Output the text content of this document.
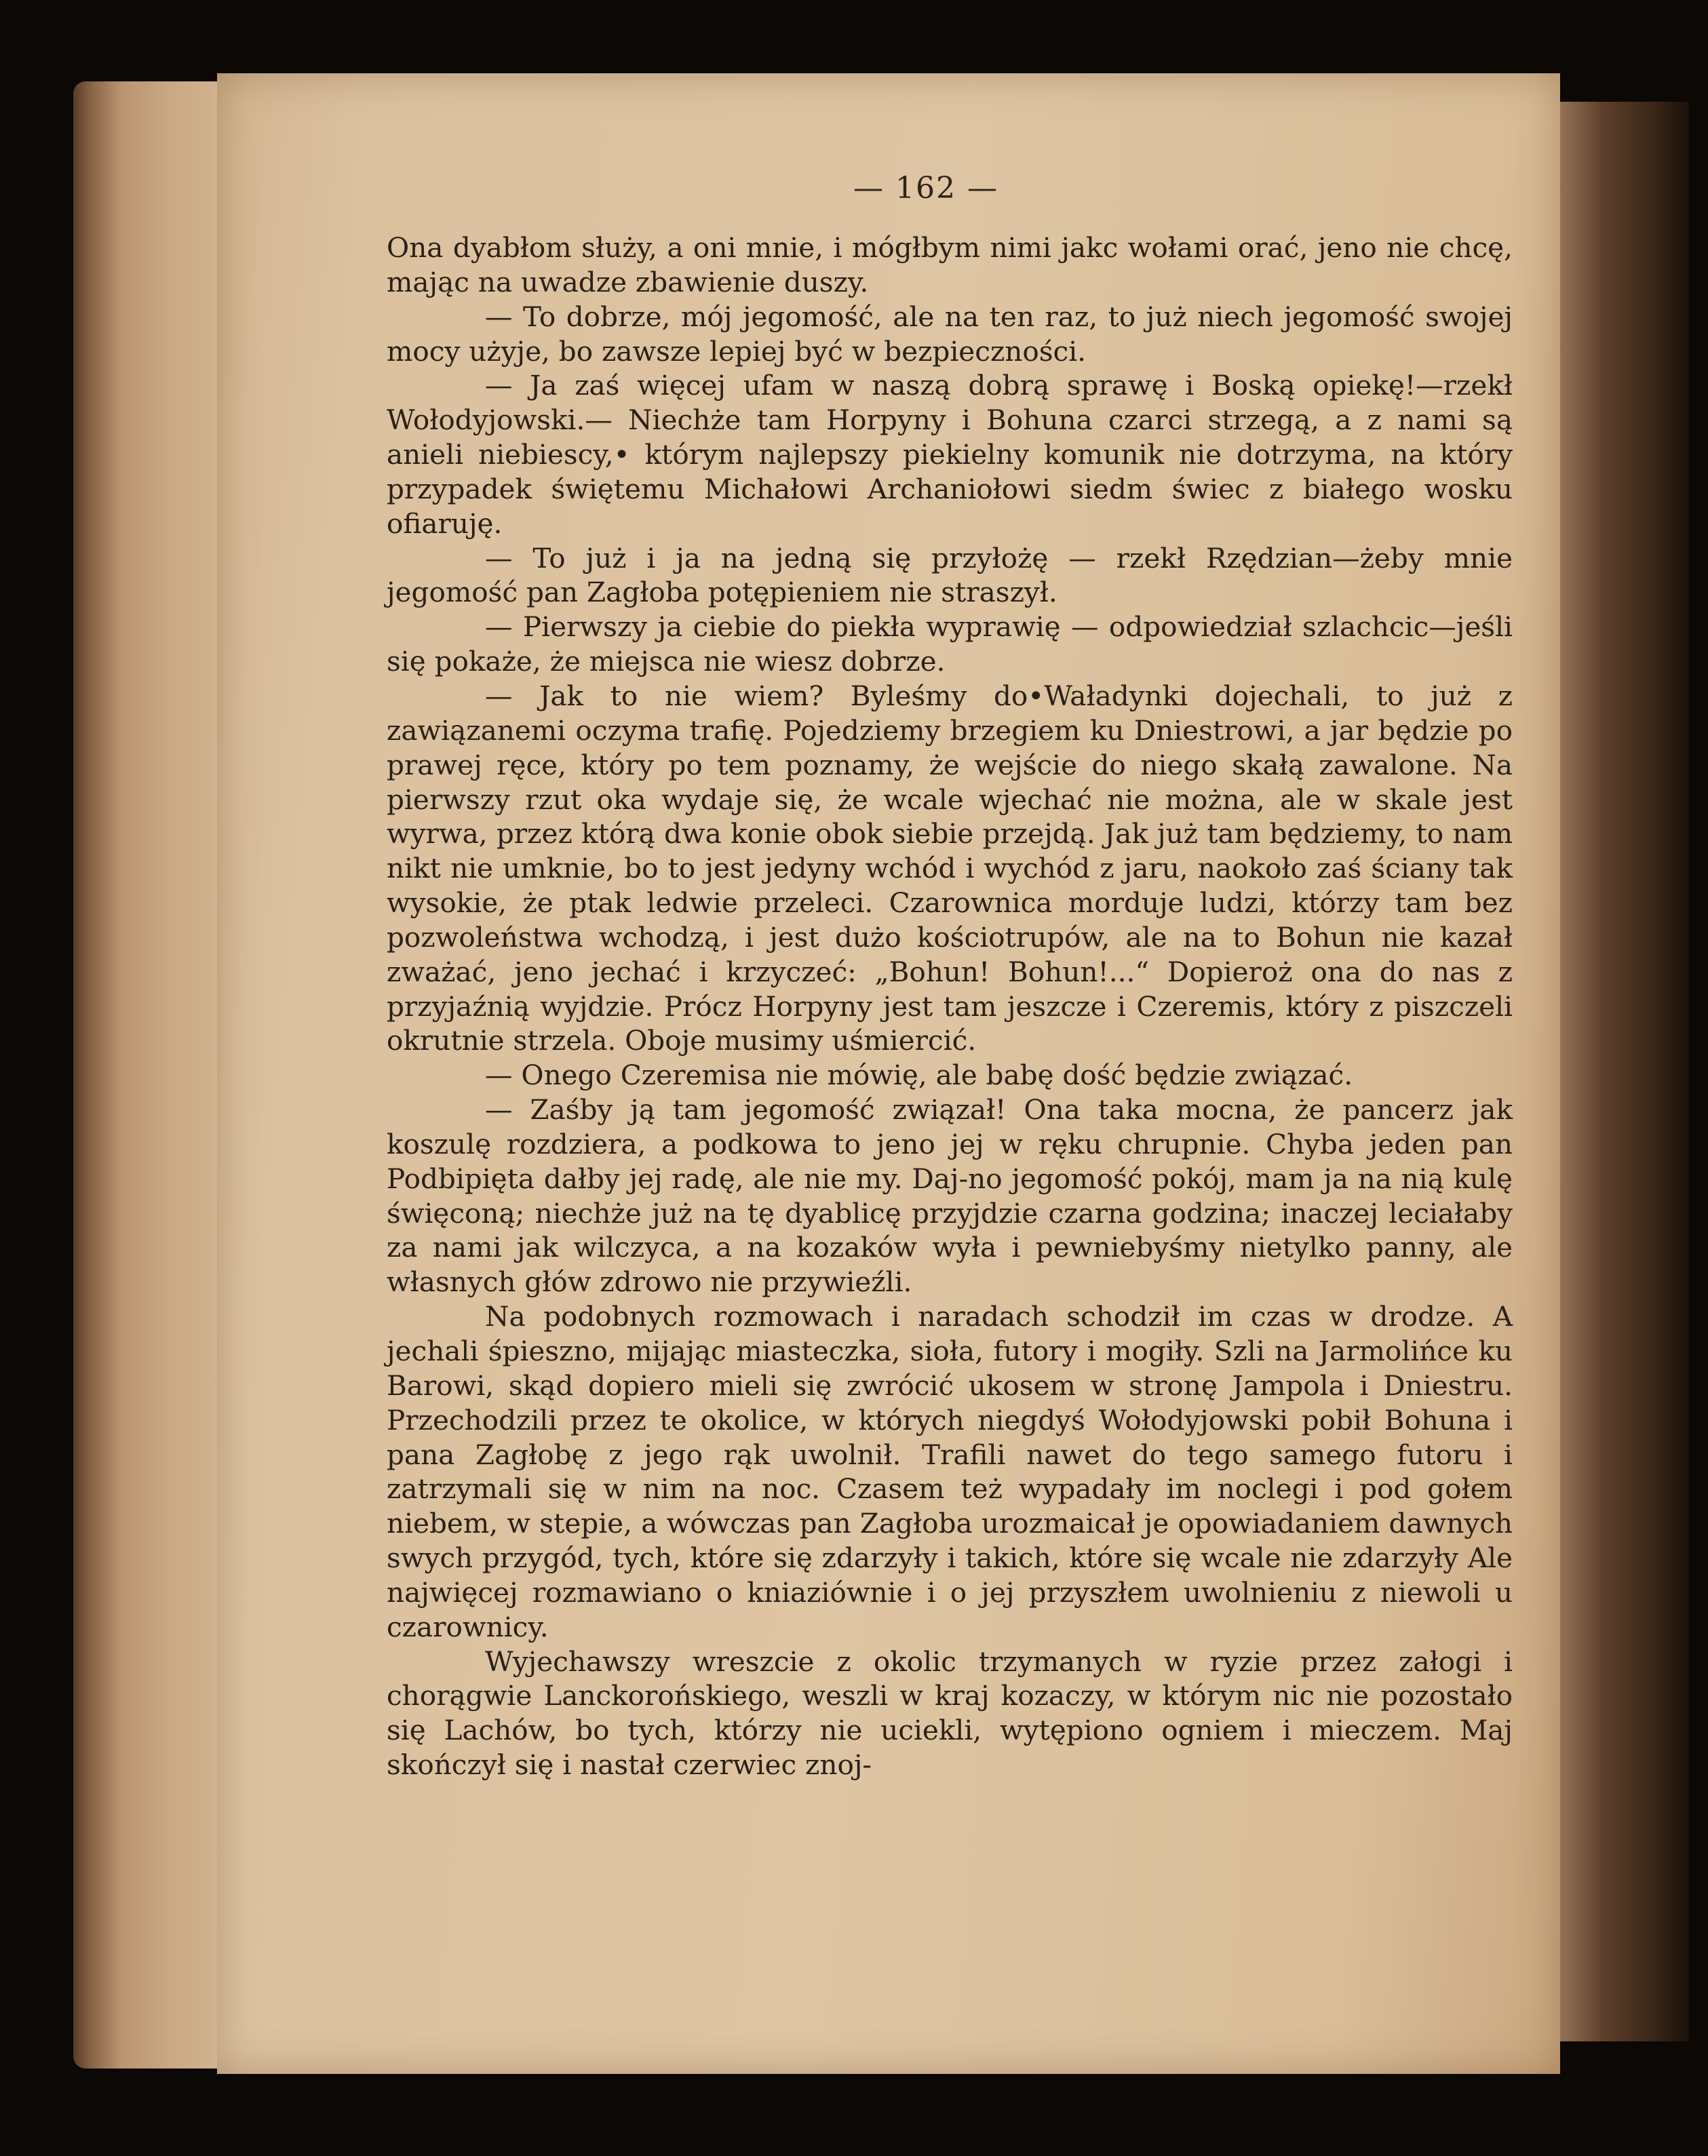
— 162 —

Ona dyabłom służy, a oni mnie, i mógłbym nimi jakc wołami orać, jeno nie chcę, mając na uwadze zbawienie duszy.

— To dobrze, mój jegomość, ale na ten raz, to już niech jegomość swojej mocy użyje, bo zawsze lepiej być w bezpieczności.

— Ja zaś więcej ufam w naszą dobrą sprawę i Boską opiekę!—rzekł Wołodyjowski.— Niechże tam Horpyny i Bohuna czarci strzegą, a z nami są anieli niebiescy,• którym najlepszy piekielny komunik nie dotrzyma, na który przypadek świętemu Michałowi Archaniołowi siedm świec z białego wosku ofiaruję.

— To już i ja na jedną się przyłożę — rzekł Rzędzian—żeby mnie jegomość pan Zagłoba potępieniem nie straszył.

— Pierwszy ja ciebie do piekła wyprawię — odpowiedział szlachcic—jeśli się pokaże, że miejsca nie wiesz dobrze.

— Jak to nie wiem? Byleśmy do•Waładynki dojechali, to już z zawiązanemi oczyma trafię. Pojedziemy brzegiem ku Dniestrowi, a jar będzie po prawej ręce, który po tem poznamy, że wejście do niego skałą zawalone. Na pierwszy rzut oka wydaje się, że wcale wjechać nie można, ale w skale jest wyrwa, przez którą dwa konie obok siebie przejdą. Jak już tam będziemy, to nam nikt nie umknie, bo to jest jedyny wchód i wychód z jaru, naokoło zaś ściany tak wysokie, że ptak ledwie przeleci. Czarownica morduje ludzi, którzy tam bez pozwoleństwa wchodzą, i jest dużo kościotrupów, ale na to Bohun nie kazał zważać, jeno jechać i krzyczeć: „Bohun! Bohun!...“ Dopieroż ona do nas z przyjaźnią wyjdzie. Prócz Horpyny jest tam jeszcze i Czeremis, który z piszczeli okrutnie strzela. Oboje musimy uśmiercić.

— Onego Czeremisa nie mówię, ale babę dość będzie związać.

— Zaśby ją tam jegomość związał! Ona taka mocna, że pancerz jak koszulę rozdziera, a podkowa to jeno jej w ręku chrupnie. Chyba jeden pan Podbipięta dałby jej radę, ale nie my. Daj-no jegomość pokój, mam ja na nią kulę święconą; niechże już na tę dyablicę przyjdzie czarna godzina; inaczej leciałaby za nami jak wilczyca, a na kozaków wyła i pewniebyśmy nietylko panny, ale własnych głów zdrowo nie przywieźli.

Na podobnych rozmowach i naradach schodził im czas w drodze. A jechali śpieszno, mijając miasteczka, sioła, futory i mogiły. Szli na Jarmolińce ku Barowi, skąd dopiero mieli się zwrócić ukosem w stronę Jampola i Dniestru. Przechodzili przez te okolice, w których niegdyś Wołodyjowski pobił Bohuna i pana Zagłobę z jego rąk uwolnił. Trafili nawet do tego samego futoru i zatrzymali się w nim na noc. Czasem też wypadały im noclegi i pod gołem niebem, w stepie, a wówczas pan Zagłoba urozmaicał je opowiadaniem dawnych swych przygód, tych, które się zdarzyły i takich, które się wcale nie zdarzyły Ale najwięcej rozmawiano o kniaziównie i o jej przyszłem uwolnieniu z niewoli u czarownicy.

Wyjechawszy wreszcie z okolic trzymanych w ryzie przez załogi i chorągwie Lanckorońskiego, weszli w kraj kozaczy, w którym nic nie pozostało się Lachów, bo tych, którzy nie uciekli, wytępiono ogniem i mieczem. Maj skończył się i nastał czerwiec znoj-
